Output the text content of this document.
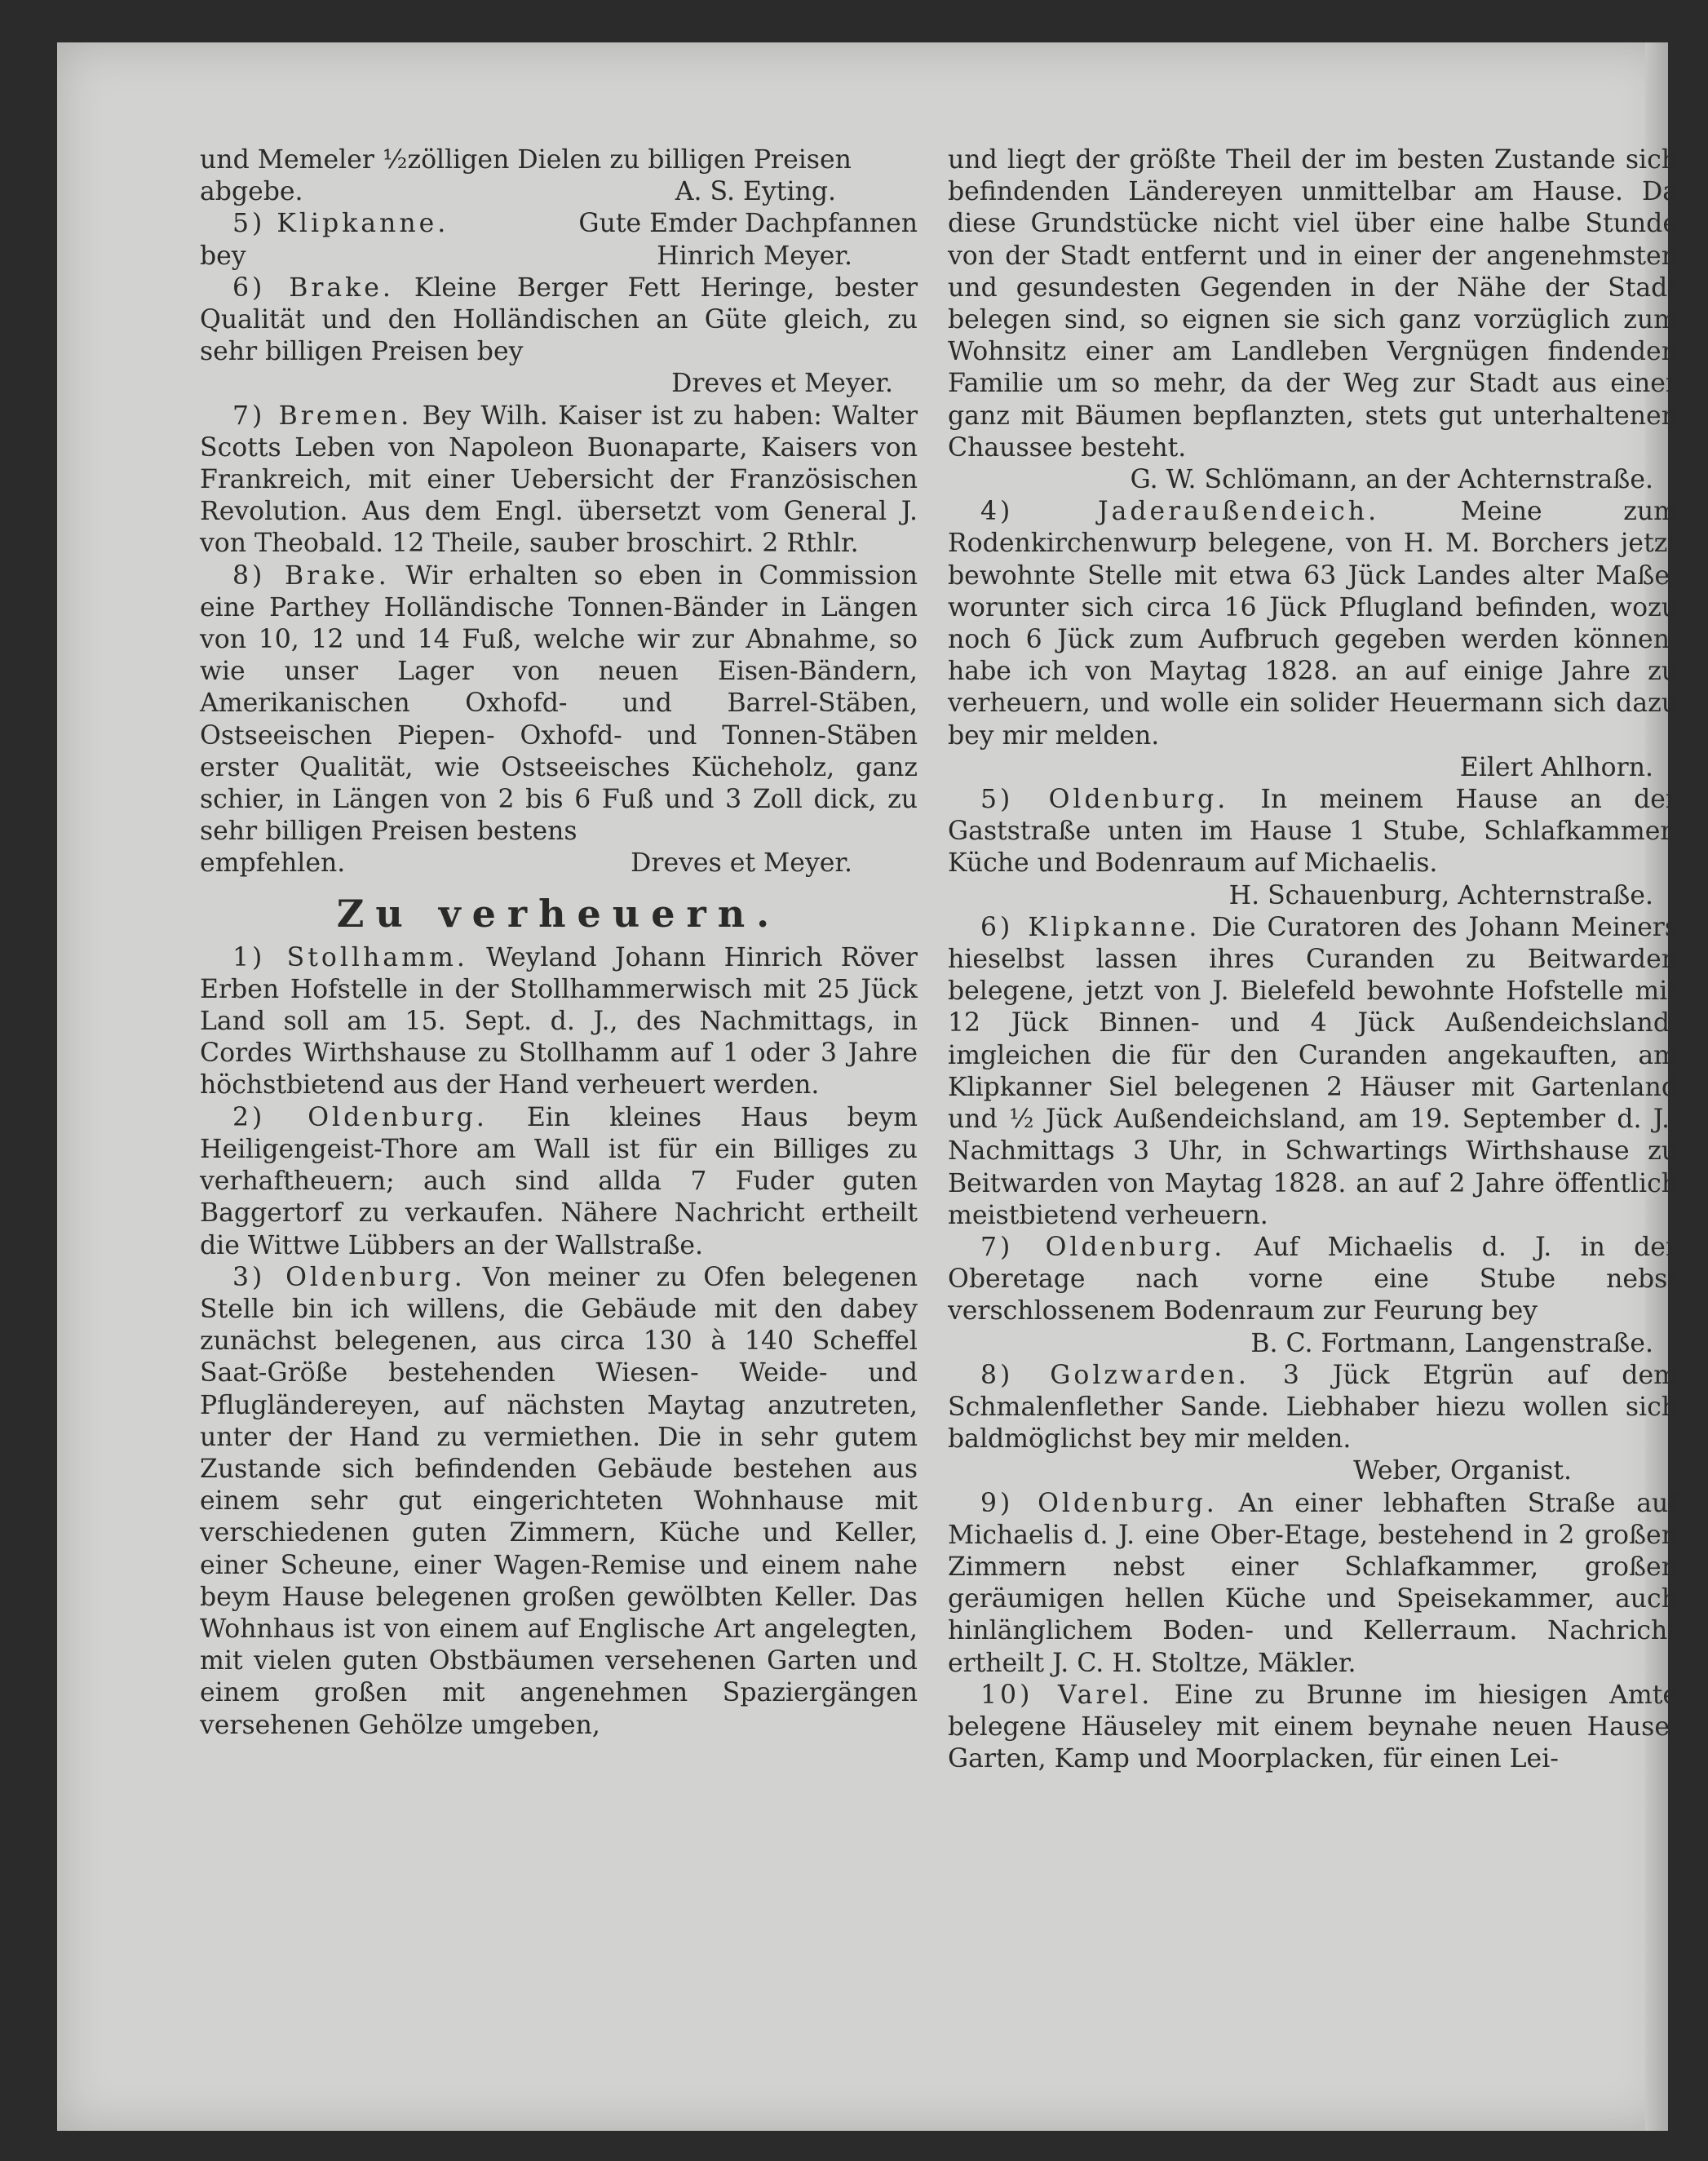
und Memeler ½zölligen Dielen zu billigen Preisen

abgebe.	A. S. Eyting.

5) Klipkanne.	Gute Emder Dachpfannen

bey	Hinrich Meyer.

6) Brake. Kleine Berger Fett Heringe, bester Qualität und den Holländischen an Güte gleich, zu sehr billigen Preisen bey

Dreves et Meyer.

7) Bremen. Bey Wilh. Kaiser ist zu haben: Walter Scotts Leben von Napoleon Buonaparte, Kaisers von Frankreich, mit einer Uebersicht der Französischen Revolution. Aus dem Engl. übersetzt vom General J. von Theobald. 12 Theile, sauber broschirt. 2 Rthlr.

8) Brake. Wir erhalten so eben in Commission eine Parthey Holländische Tonnen-Bänder in Längen von 10, 12 und 14 Fuß, welche wir zur Abnahme, so wie unser Lager von neuen Eisen-Bändern, Amerikanischen Oxhofd- und Barrel-Stäben, Ostseeischen Piepen- Oxhofd- und Tonnen-Stäben erster Qualität, wie Ostseeisches Kücheholz, ganz schier, in Längen von 2 bis 6 Fuß und 3 Zoll dick, zu sehr billigen Preisen bestens

empfehlen.	Dreves et Meyer.

Zu verheuern.

1) Stollhamm. Weyland Johann Hinrich Röver Erben Hofstelle in der Stollhammerwisch mit 25 Jück Land soll am 15. Sept. d. J., des Nachmittags, in Cordes Wirthshause zu Stollhamm auf 1 oder 3 Jahre höchstbietend aus der Hand verheuert werden.

2) Oldenburg. Ein kleines Haus beym Heiligengeist-Thore am Wall ist für ein Billiges zu verhaftheuern; auch sind allda 7 Fuder guten Baggertorf zu verkaufen. Nähere Nachricht ertheilt die Wittwe Lübbers an der Wallstraße.

3) Oldenburg. Von meiner zu Ofen belegenen Stelle bin ich willens, die Gebäude mit den dabey zunächst belegenen, aus circa 130 à 140 Scheffel Saat-Größe bestehenden Wiesen- Weide- und Pflugländereyen, auf nächsten Maytag anzutreten, unter der Hand zu vermiethen. Die in sehr gutem Zustande sich befindenden Gebäude bestehen aus einem sehr gut eingerichteten Wohnhause mit verschiedenen guten Zimmern, Küche und Keller, einer Scheune, einer Wagen-Remise und einem nahe beym Hause belegenen großen gewölbten Keller. Das Wohnhaus ist von einem auf Englische Art angelegten, mit vielen guten Obstbäumen versehenen Garten und einem großen mit angenehmen Spaziergängen versehenen Gehölze umgeben,

und liegt der größte Theil der im besten Zustande sich befindenden Ländereyen unmittelbar am Hause. Da diese Grundstücke nicht viel über eine halbe Stunde von der Stadt entfernt und in einer der angenehmsten und gesundesten Gegenden in der Nähe der Stadt belegen sind, so eignen sie sich ganz vorzüglich zum Wohnsitz einer am Landleben Vergnügen findenden Familie um so mehr, da der Weg zur Stadt aus einer ganz mit Bäumen bepflanzten, stets gut unterhaltenen Chaussee besteht.

G. W. Schlömann, an der Achternstraße.

4) Jaderaußendeich.	Meine zum Rodenkirchenwurp belegene, von H. M. Borchers jetzt bewohnte Stelle mit etwa 63 Jück Landes alter Maße, worunter sich circa 16 Jück Pflugland befinden, wozu noch 6 Jück zum Aufbruch gegeben werden können, habe ich von Maytag 1828. an auf einige Jahre zu verheuern, und wolle ein solider Heuermann sich dazu bey mir melden.

Eilert Ahlhorn.

5) Oldenburg. In meinem Hause an der Gaststraße unten im Hause 1 Stube, Schlafkammer, Küche und Bodenraum auf Michaelis.

H. Schauenburg, Achternstraße.

6) Klipkanne. Die Curatoren des Johann Meiners hieselbst lassen ihres Curanden zu Beitwarden belegene, jetzt von J. Bielefeld bewohnte Hofstelle mit 12 Jück Binnen- und 4 Jück Außendeichsland, imgleichen die für den Curanden angekauften, am Klipkanner Siel belegenen 2 Häuser mit Gartenland und ½ Jück Außendeichsland, am 19. September d. J., Nachmittags 3 Uhr, in Schwartings Wirthshause zu Beitwarden von Maytag 1828. an auf 2 Jahre öffentlich meistbietend verheuern.

7) Oldenburg. Auf Michaelis d. J. in der Oberetage nach vorne eine Stube nebst verschlossenem Bodenraum zur Feurung bey

B. C. Fortmann, Langenstraße.

8) Golzwarden. 3 Jück Etgrün auf dem Schmalenflether Sande. Liebhaber hiezu wollen sich baldmöglichst bey mir melden.

Weber, Organist.

9) Oldenburg. An einer lebhaften Straße auf Michaelis d. J. eine Ober-Etage, bestehend in 2 großen Zimmern nebst einer Schlafkammer, großen geräumigen hellen Küche und Speisekammer, auch hinlänglichem Boden- und Kellerraum. Nachricht ertheilt J. C. H. Stoltze, Mäkler.

10) Varel. Eine zu Brunne im hiesigen Amte belegene Häuseley mit einem beynahe neuen Hause, Garten, Kamp und Moorplacken, für einen Lei-
